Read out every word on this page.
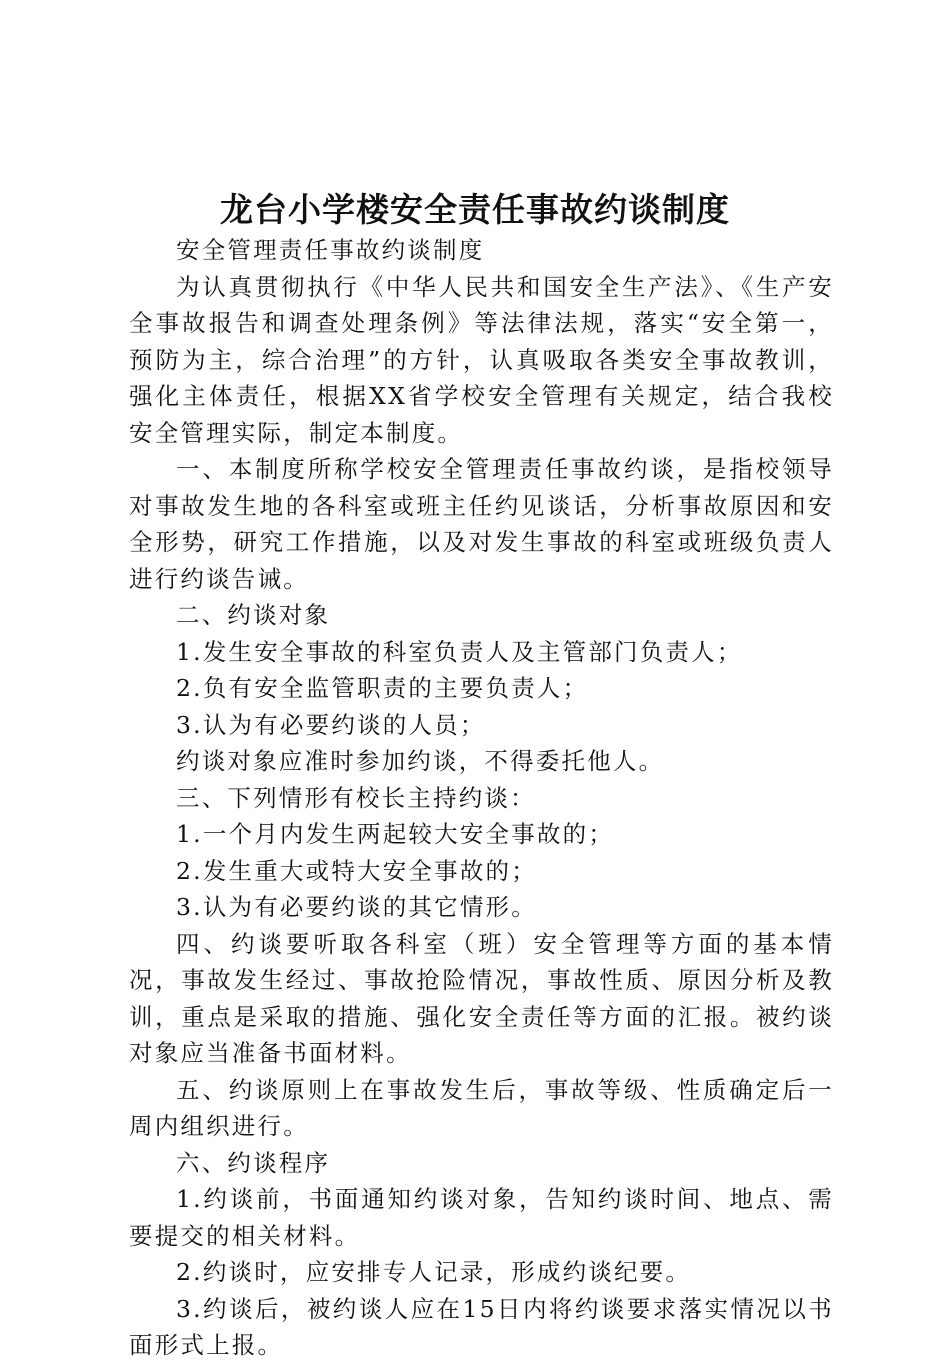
龙台小学楼安全责任事故约谈制度

安全管理责任事故约谈制度

为认真贯彻执行《中华人民共和国安全生产法》、《生产安全事故报告和调查处理条例》等法律法规，落实“安全第一，预防为主，综合治理”的方针，认真吸取各类安全事故教训，强化主体责任，根据XX省学校安全管理有关规定，结合我校安全管理实际，制定本制度。

一、本制度所称学校安全管理责任事故约谈，是指校领导对事故发生地的各科室或班主任约见谈话，分析事故原因和安全形势，研究工作措施，以及对发生事故的科室或班级负责人进行约谈告诫。

二、约谈对象

1.发生安全事故的科室负责人及主管部门负责人；

2.负有安全监管职责的主要负责人；

3.认为有必要约谈的人员；

约谈对象应准时参加约谈，不得委托他人。

三、下列情形有校长主持约谈：

1.一个月内发生两起较大安全事故的；

2.发生重大或特大安全事故的；

3.认为有必要约谈的其它情形。

四、约谈要听取各科室（班）安全管理等方面的基本情况，事故发生经过、事故抢险情况，事故性质、原因分析及教训，重点是采取的措施、强化安全责任等方面的汇报。被约谈对象应当准备书面材料。

五、约谈原则上在事故发生后，事故等级、性质确定后一周内组织进行。

六、约谈程序

1.约谈前，书面通知约谈对象，告知约谈时间、地点、需要提交的相关材料。

2.约谈时，应安排专人记录，形成约谈纪要。

3.约谈后，被约谈人应在15日内将约谈要求落实情况以书面形式上报。
